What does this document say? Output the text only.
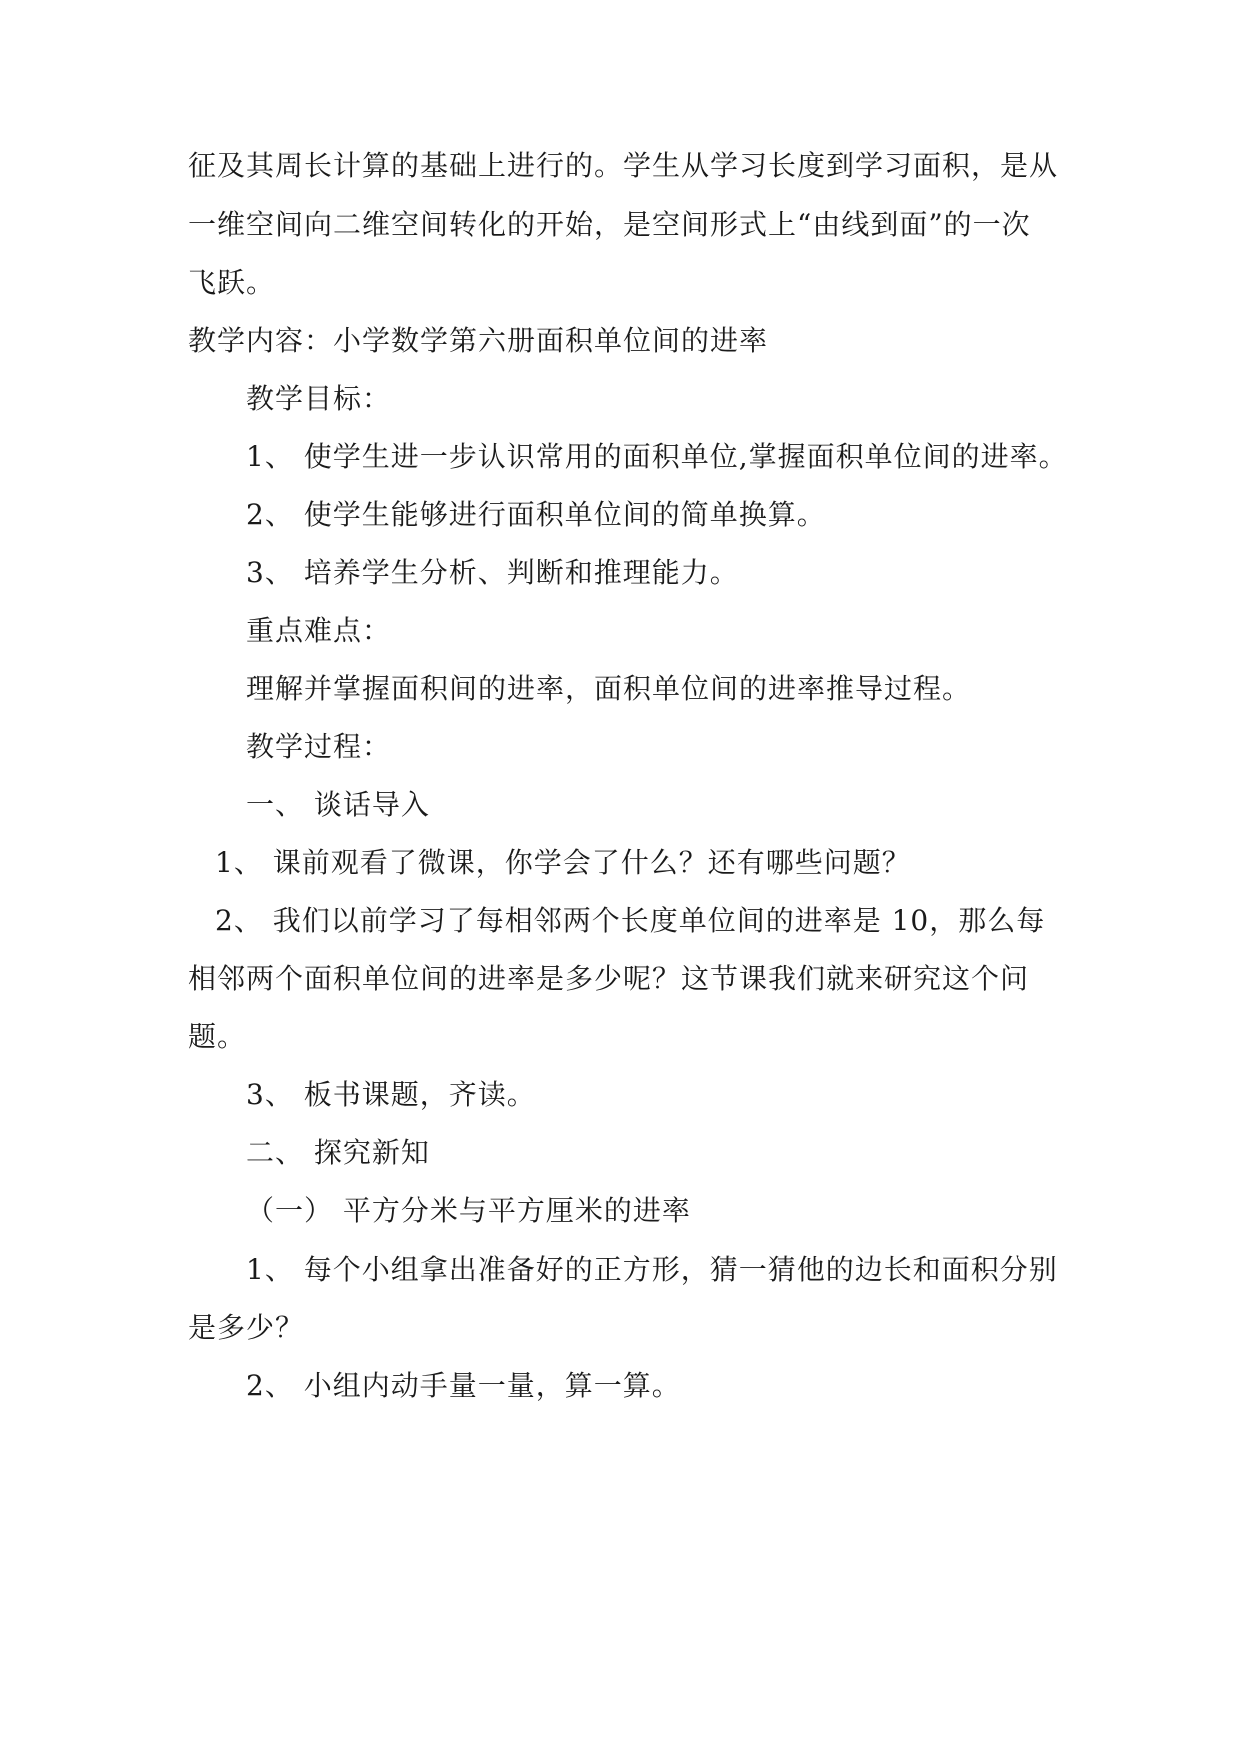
征及其周长计算的基础上进行的。学生从学习长度到学习面积，是从
一维空间向二维空间转化的开始，是空间形式上“由线到面”的一次
飞跃。
教学内容：小学数学第六册面积单位间的进率
教学目标：
1、 使学生进一步认识常用的面积单位,掌握面积单位间的进率。
2、 使学生能够进行面积单位间的简单换算。
3、 培养学生分析、判断和推理能力。
重点难点：
理解并掌握面积间的进率，面积单位间的进率推导过程。
教学过程：
一、 谈话导入
1、 课前观看了微课，你学会了什么？还有哪些问题？
2、 我们以前学习了每相邻两个长度单位间的进率是 10，那么每
相邻两个面积单位间的进率是多少呢？这节课我们就来研究这个问
题。
3、 板书课题，齐读。
二、 探究新知
（一） 平方分米与平方厘米的进率
1、 每个小组拿出准备好的正方形，猜一猜他的边长和面积分别
是多少？
2、 小组内动手量一量，算一算。
